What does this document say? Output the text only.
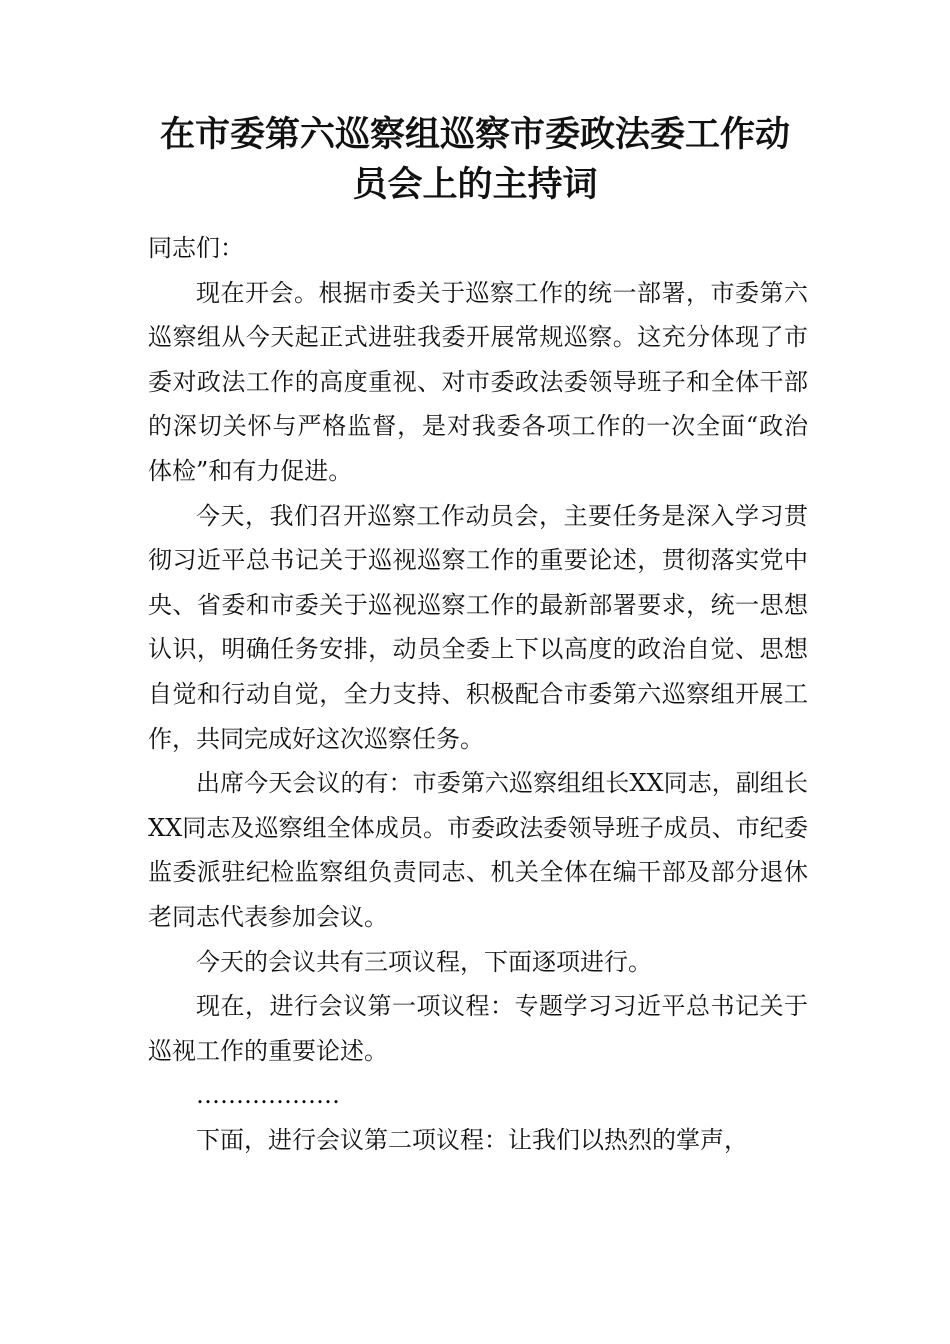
在市委第六巡察组巡察市委政法委工作动
员会上的主持词

同志们：

现在开会。根据市委关于巡察工作的统一部署，市委第六巡察组从今天起正式进驻我委开展常规巡察。这充分体现了市委对政法工作的高度重视、对市委政法委领导班子和全体干部的深切关怀与严格监督，是对我委各项工作的一次全面“政治体检”和有力促进。

今天，我们召开巡察工作动员会，主要任务是深入学习贯彻习近平总书记关于巡视巡察工作的重要论述，贯彻落实党中央、省委和市委关于巡视巡察工作的最新部署要求，统一思想认识，明确任务安排，动员全委上下以高度的政治自觉、思想自觉和行动自觉，全力支持、积极配合市委第六巡察组开展工作，共同完成好这次巡察任务。

出席今天会议的有：市委第六巡察组组长XX同志，副组长XX同志及巡察组全体成员。市委政法委领导班子成员、市纪委监委派驻纪检监察组负责同志、机关全体在编干部及部分退休老同志代表参加会议。

今天的会议共有三项议程，下面逐项进行。

现在，进行会议第一项议程：专题学习习近平总书记关于巡视工作的重要论述。

………………

下面，进行会议第二项议程：让我们以热烈的掌声，
